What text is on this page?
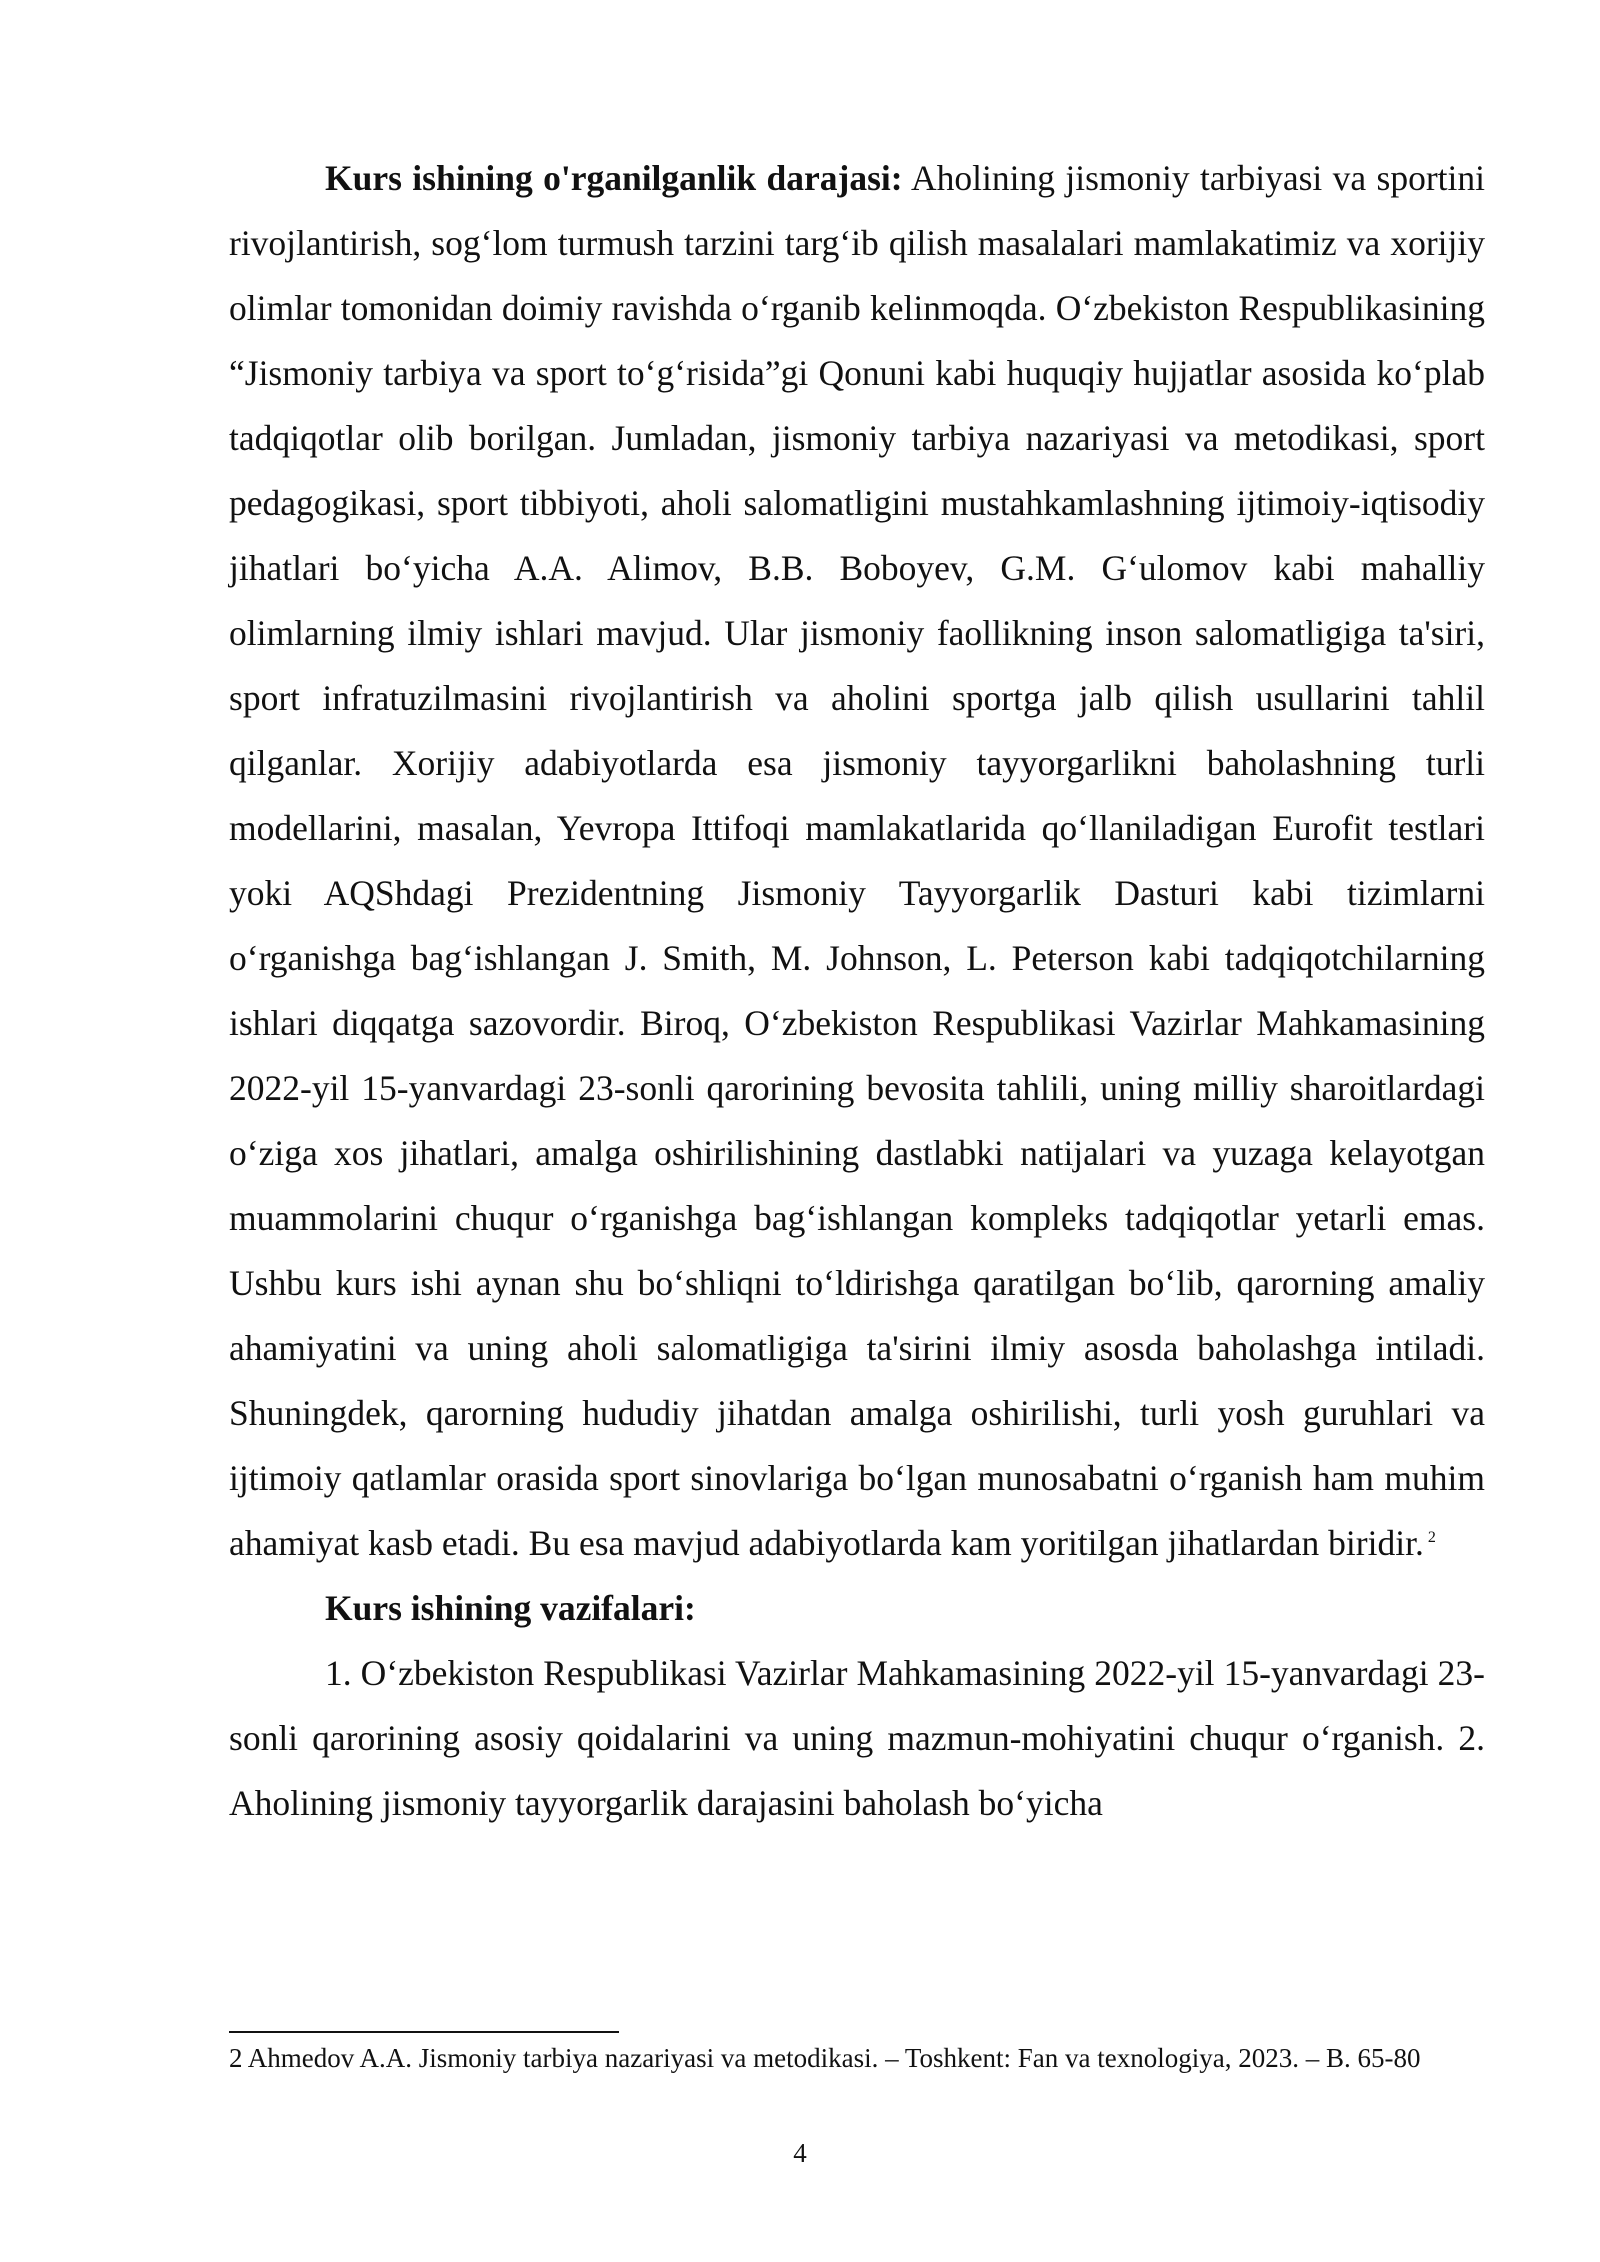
Kurs ishining o'rganilganlik darajasi: Aholining jismoniy tarbiyasi va sportini rivojlantirish, sog‘lom turmush tarzini targ‘ib qilish masalalari mamlakatimiz va xorijiy olimlar tomonidan doimiy ravishda o‘rganib kelinmoqda. O‘zbekiston Respublikasining “Jismoniy tarbiya va sport to‘g‘risida”gi Qonuni kabi huquqiy hujjatlar asosida ko‘plab tadqiqotlar olib borilgan. Jumladan, jismoniy tarbiya nazariyasi va metodikasi, sport pedagogikasi, sport tibbiyoti, aholi salomatligini mustahkamlashning ijtimoiy-iqtisodiy jihatlari bo‘yicha A.A. Alimov, B.B. Boboyev, G.M. G‘ulomov kabi mahalliy olimlarning ilmiy ishlari mavjud. Ular jismoniy faollikning inson salomatligiga ta'siri, sport infratuzilmasini rivojlantirish va aholini sportga jalb qilish usullarini tahlil qilganlar. Xorijiy adabiyotlarda esa jismoniy tayyorgarlikni baholashning turli modellarini, masalan, Yevropa Ittifoqi mamlakatlarida qo‘llaniladigan Eurofit testlari yoki AQShdagi Prezidentning Jismoniy Tayyorgarlik Dasturi kabi tizimlarni o‘rganishga bag‘ishlangan J. Smith, M. Johnson, L. Peterson kabi tadqiqotchilarning ishlari diqqatga sazovordir. Biroq, O‘zbekiston Respublikasi Vazirlar Mahkamasining 2022-yil 15-yanvardagi 23-sonli qarorining bevosita tahlili, uning milliy sharoitlardagi o‘ziga xos jihatlari, amalga oshirilishining dastlabki natijalari va yuzaga kelayotgan muammolarini chuqur o‘rganishga bag‘ishlangan kompleks tadqiqotlar yetarli emas. Ushbu kurs ishi aynan shu bo‘shliqni to‘ldirishga qaratilgan bo‘lib, qarorning amaliy ahamiyatini va uning aholi salomatligiga ta'sirini ilmiy asosda baholashga intiladi. Shuningdek, qarorning hududiy jihatdan amalga oshirilishi, turli yosh guruhlari va ijtimoiy qatlamlar orasida sport sinovlariga bo‘lgan munosabatni o‘rganish ham muhim ahamiyat kasb etadi. Bu esa mavjud adabiyotlarda kam yoritilgan jihatlardan biridir. $^2$

Kurs ishining vazifalari:

1. O‘zbekiston Respublikasi Vazirlar Mahkamasining 2022-yil 15-yanvardagi 23-sonli qarorining asosiy qoidalarini va uning mazmun-mohiyatini chuqur o‘rganish. 2. Aholining jismoniy tayyorgarlik darajasini baholash bo‘yicha

2 Ahmedov A.A. Jismoniy tarbiya nazariyasi va metodikasi. – Toshkent: Fan va texnologiya, 2023. – B. 65-80
4
